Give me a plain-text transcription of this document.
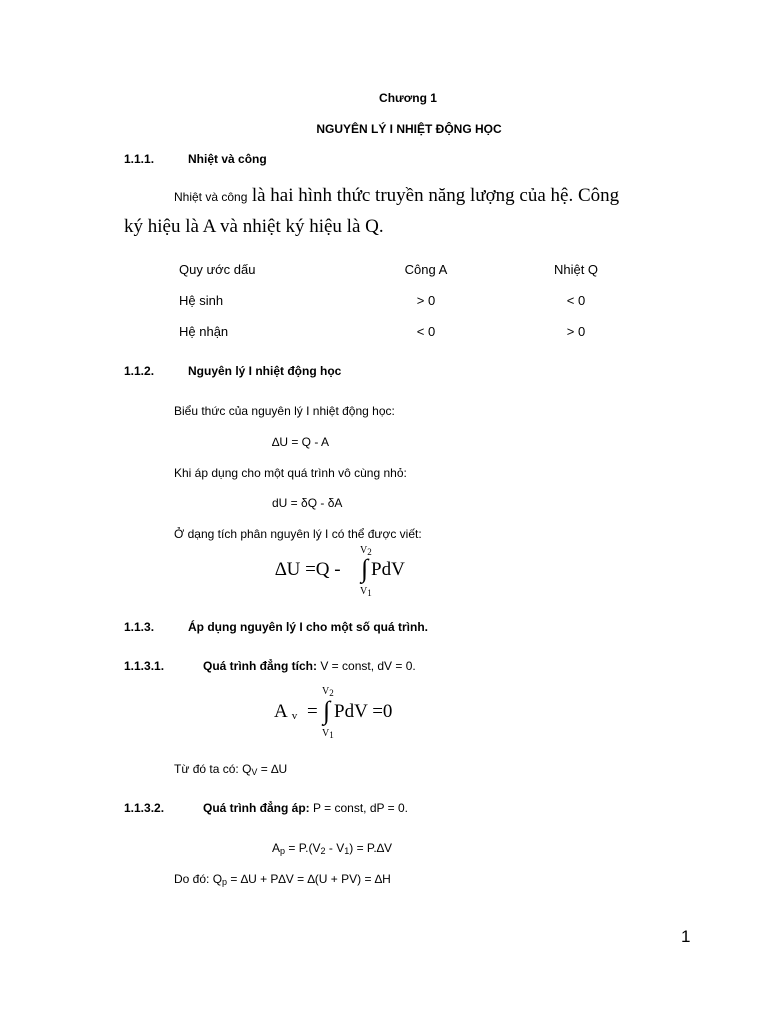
Chương 1
NGUYÊN LÝ I NHIỆT ĐỘNG HỌC
1.1.1.	Nhiệt và công
Nhiệt và công là hai hình thức truyền năng lượng của hệ. Công
ký hiệu là A và nhiệt ký hiệu là Q.
Quy ước dấu	Công A	Nhiệt Q
Hệ sinh	> 0	< 0
Hệ nhận	< 0	> 0
1.1.2.	Nguyên lý I nhiệt động học
Biểu thức của nguyên lý I nhiệt động học:
∆U = Q - A
Khi áp dụng cho một quá trình vô cùng nhỏ:
dU = δQ - δA
Ở dạng tích phân nguyên lý I có thể được viết:
V2
∆U =Q - ∫ PdV
V1
1.1.3.	Áp dụng nguyên lý I cho một số quá trình.
1.1.3.1.	Quá trình đẳng tích: V = const, dV = 0.
V2
Av = ∫ PdV =0
V1
Từ đó ta có: $Q_V = \Delta U$
1.1.3.2.	Quá trình đẳng áp: P = const, dP = 0.
$A_p = P.(V_2 - V_1) = P.\Delta V$
Do đó: $Q_p = \Delta U + P\Delta V = \Delta(U + PV) = \Delta H$
1
